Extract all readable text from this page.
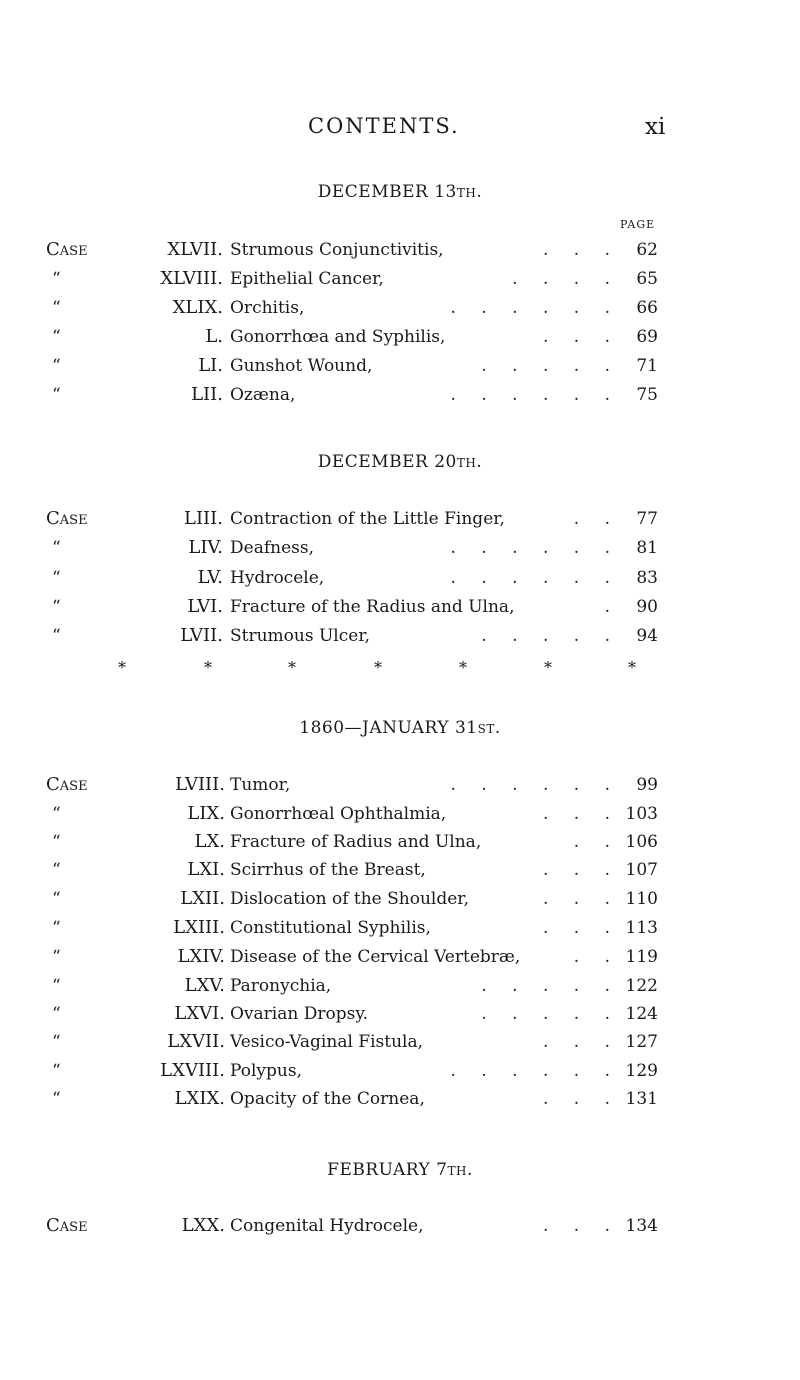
CONTENTS.	xi
PAGE
DECEMBER 13TH.
Case	XLVII. Strumous Conjunctivitis,	62
. . .
“	XLVIII. Epithelial Cancer,	65
. . . .
“	XLIX. Orchitis,	66
. . . . . .
“	L. Gonorrhœa and Syphilis,	69
. . .
“	LI. Gunshot Wound,	71
. . . . .
“	LII. Ozæna,	75
. . . . . .
DECEMBER 20TH.
Case	LIII. Contraction of the Little Finger,	77
. .
“	LIV. Deafness,	81
. . . . . .
“	LV. Hydrocele,	83
. . . . . .
“	LVI. Fracture of the Radius and Ulna,	90
.
“	LVII. Strumous Ulcer,	94
. . . . .
1860—JANUARY 31ST.
Case	LVIII. Tumor,	99
. . . . . .
“	LIX. Gonorrhœal Ophthalmia,	103
. . .
“	LX. Fracture of Radius and Ulna,	106
. .
“	LXI. Scirrhus of the Breast,	107
. . .
“	LXII. Dislocation of the Shoulder,	110
. . .
“	LXIII. Constitutional Syphilis,	113
. . .
“	LXIV. Disease of the Cervical Vertebræ,	119
. .
“	LXV. Paronychia,	122
. . . . .
“	LXVI. Ovarian Dropsy.	124
. . . . .
“	LXVII. Vesico-Vaginal Fistula,	127
. . .
“	LXVIII. Polypus,	129
. . . . . .
“	LXIX. Opacity of the Cornea,	131
. . .
FEBRUARY 7TH.
Case	LXX. Congenital Hydrocele,	134
. . .
*	*	*	*	*	*	*
